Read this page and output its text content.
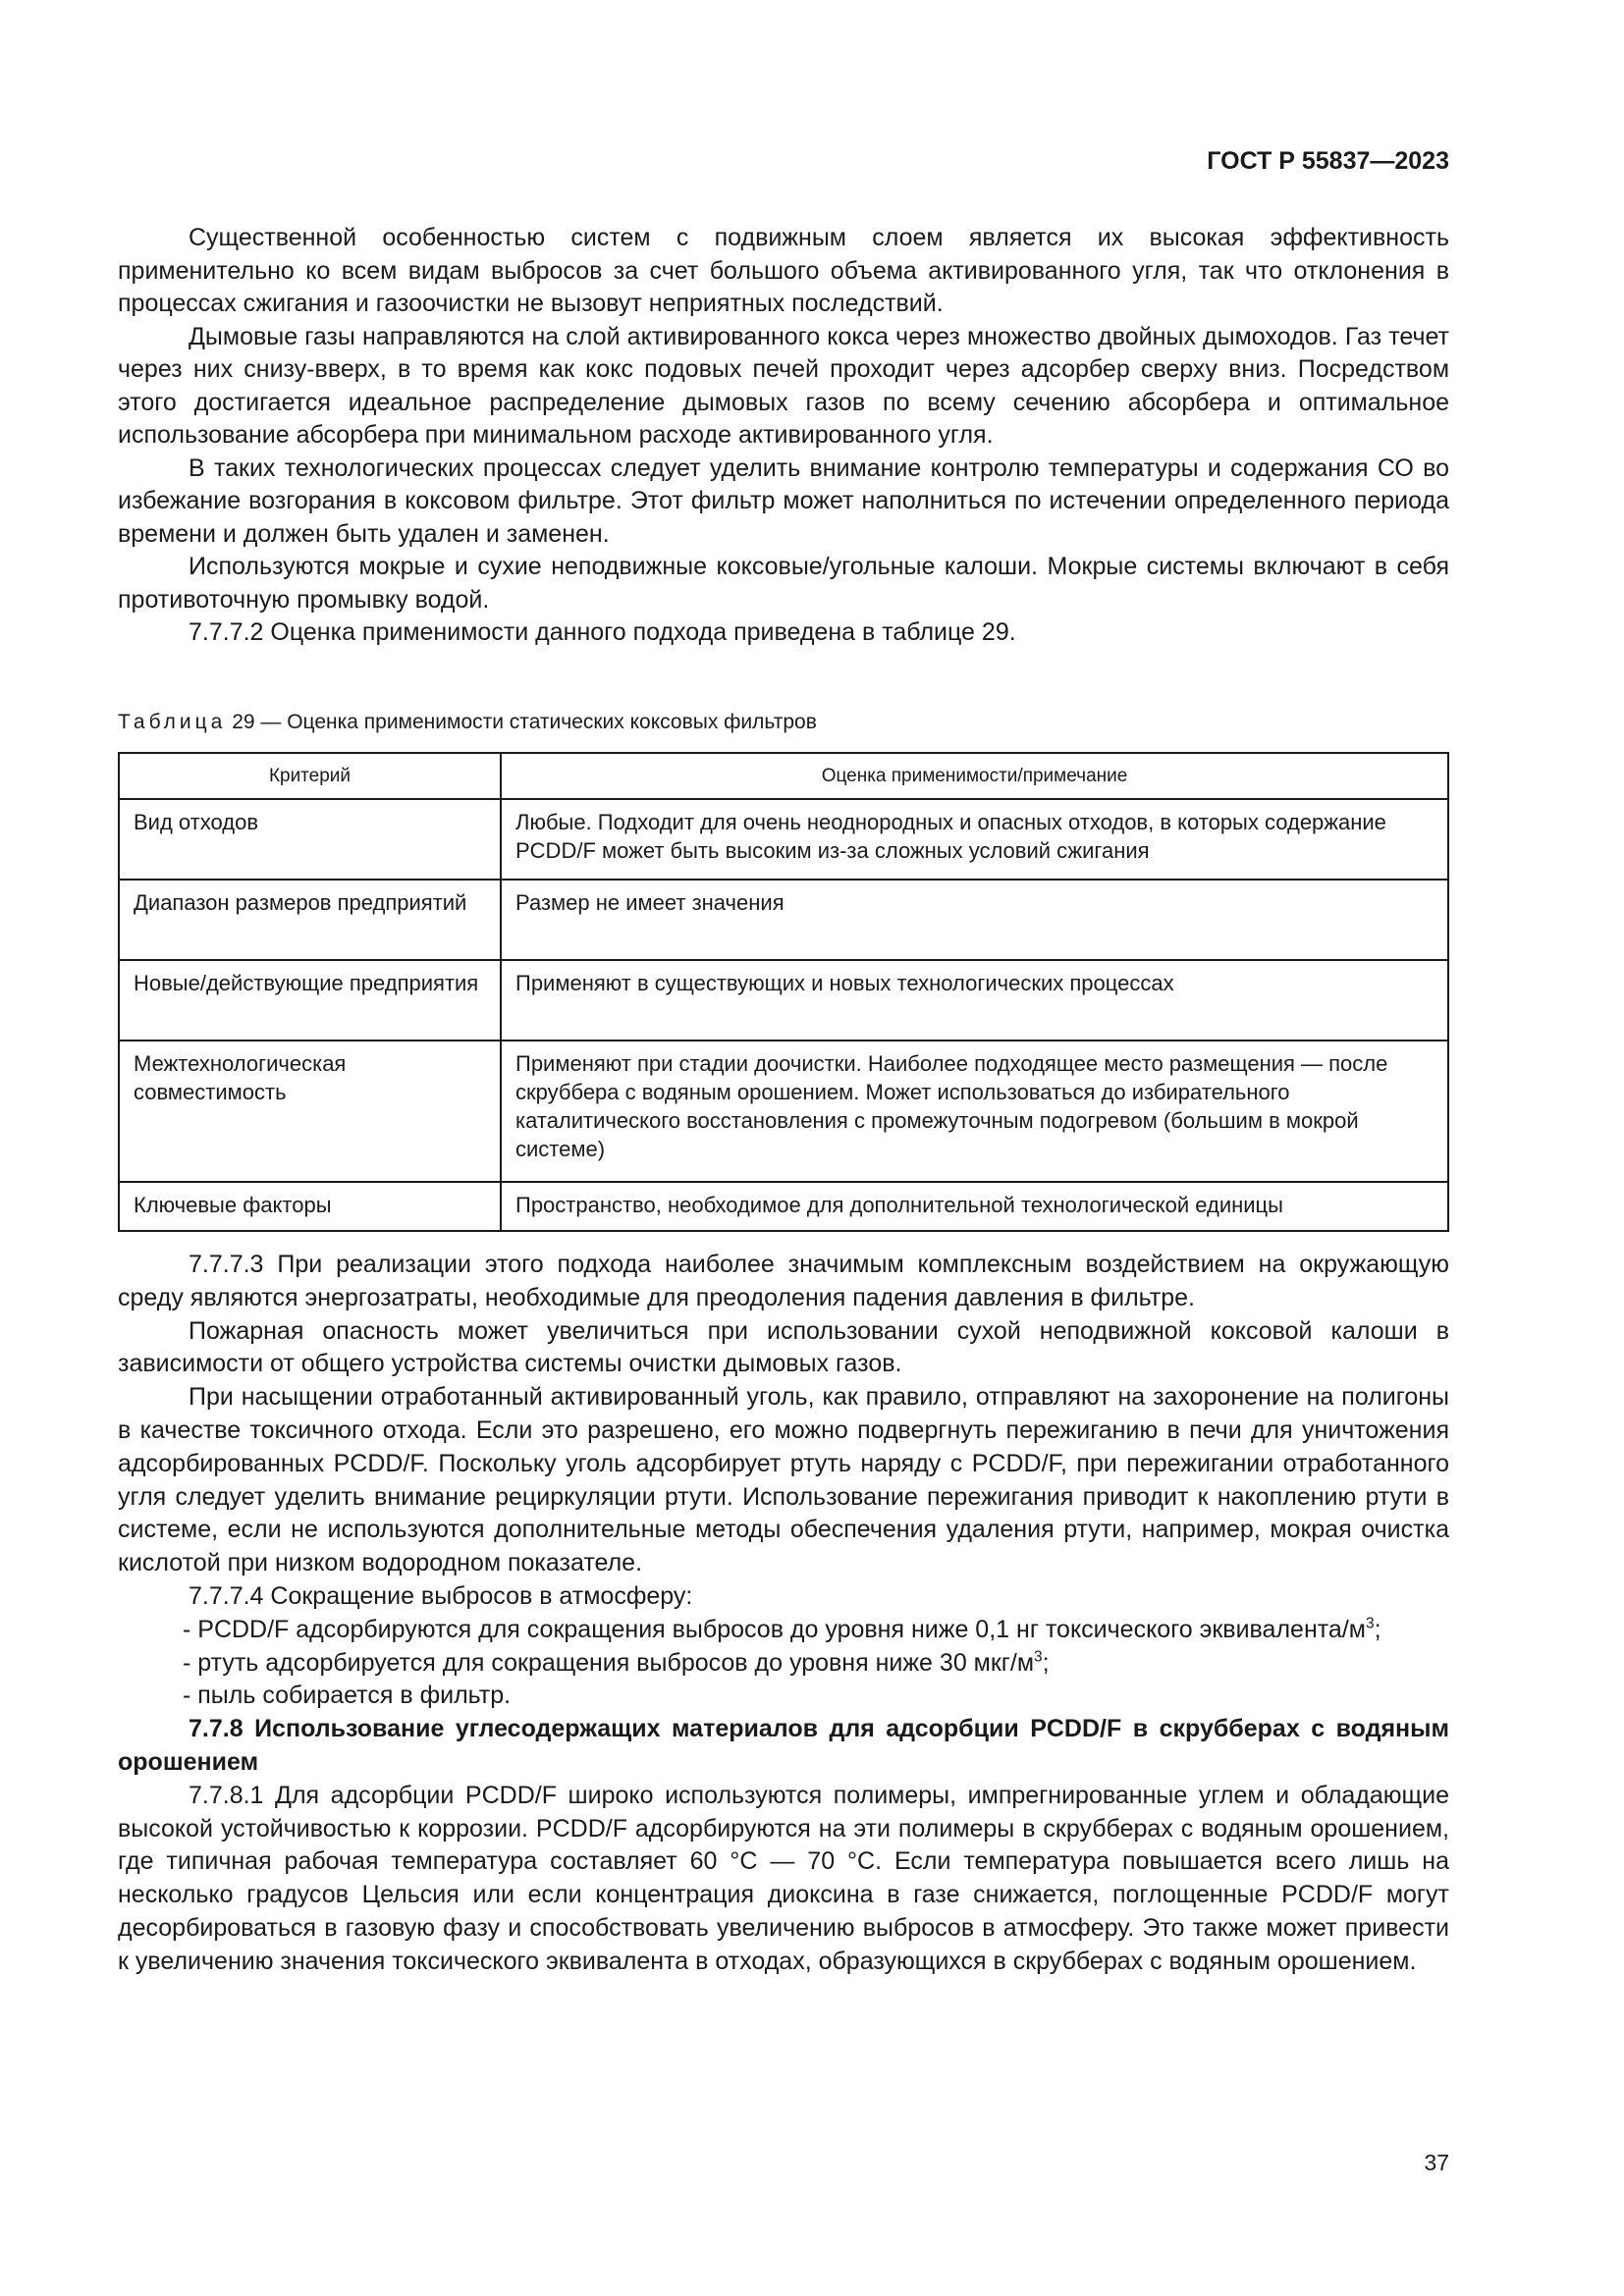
ГОСТ Р 55837—2023

Существенной особенностью систем с подвижным слоем является их высокая эффективность применительно ко всем видам выбросов за счет большого объема активированного угля, так что отклонения в процессах сжигания и газоочистки не вызовут неприятных последствий.

Дымовые газы направляются на слой активированного кокса через множество двойных дымоходов. Газ течет через них снизу-вверх, в то время как кокс подовых печей проходит через адсорбер сверху вниз. Посредством этого достигается идеальное распределение дымовых газов по всему сечению абсорбера и оптимальное использование абсорбера при минимальном расходе активированного угля.

В таких технологических процессах следует уделить внимание контролю температуры и содержания СО во избежание возгорания в коксовом фильтре. Этот фильтр может наполниться по истечении определенного периода времени и должен быть удален и заменен.

Используются мокрые и сухие неподвижные коксовые/угольные калоши. Мокрые системы включают в себя противоточную промывку водой.

7.7.7.2 Оценка применимости данного подхода приведена в таблице 29.

Таблица 29 — Оценка применимости статических коксовых фильтров
Критерий	Оценка применимости/примечание
Вид отходов	Любые. Подходит для очень неоднородных и опасных отходов, в которых содержание PCDD/F может быть высоким из-за сложных условий сжигания
Диапазон размеров предприятий	Размер не имеет значения
Новые/действующие предприятия	Применяют в существующих и новых технологических процессах
Межтехнологическая совместимость	Применяют при стадии доочистки. Наиболее подходящее место размещения — после скруббера с водяным орошением. Может использоваться до избирательного каталитического восстановления с промежуточным подогревом (большим в мокрой системе)
Ключевые факторы	Пространство, необходимое для дополнительной технологической единицы

7.7.7.3 При реализации этого подхода наиболее значимым комплексным воздействием на окружающую среду являются энергозатраты, необходимые для преодоления падения давления в фильтре.

Пожарная опасность может увеличиться при использовании сухой неподвижной коксовой калоши в зависимости от общего устройства системы очистки дымовых газов.

При насыщении отработанный активированный уголь, как правило, отправляют на захоронение на полигоны в качестве токсичного отхода. Если это разрешено, его можно подвергнуть пережиганию в печи для уничтожения адсорбированных PCDD/F. Поскольку уголь адсорбирует ртуть наряду с PCDD/F, при пережигании отработанного угля следует уделить внимание рециркуляции ртути. Использование пережигания приводит к накоплению ртути в системе, если не используются дополнительные методы обеспечения удаления ртути, например, мокрая очистка кислотой при низком водородном показателе.

7.7.7.4 Сокращение выбросов в атмосферу:

- PCDD/F адсорбируются для сокращения выбросов до уровня ниже 0,1 нг токсического эквивалента/$м^3$;

- ртуть адсорбируется для сокращения выбросов до уровня ниже 30 мкг/$м^3$;

- пыль собирается в фильтр.

7.7.8 Использование углесодержащих материалов для адсорбции PCDD/F в скрубберах с водяным орошением

7.7.8.1 Для адсорбции PCDD/F широко используются полимеры, импрегнированные углем и обладающие высокой устойчивостью к коррозии. PCDD/F адсорбируются на эти полимеры в скрубберах с водяным орошением, где типичная рабочая температура составляет 60 °C — 70 °C. Если температура повышается всего лишь на несколько градусов Цельсия или если концентрация диоксина в газе снижается, поглощенные PCDD/F могут десорбироваться в газовую фазу и способствовать увеличению выбросов в атмосферу. Это также может привести к увеличению значения токсического эквивалента в отходах, образующихся в скрубберах с водяным орошением.

37
